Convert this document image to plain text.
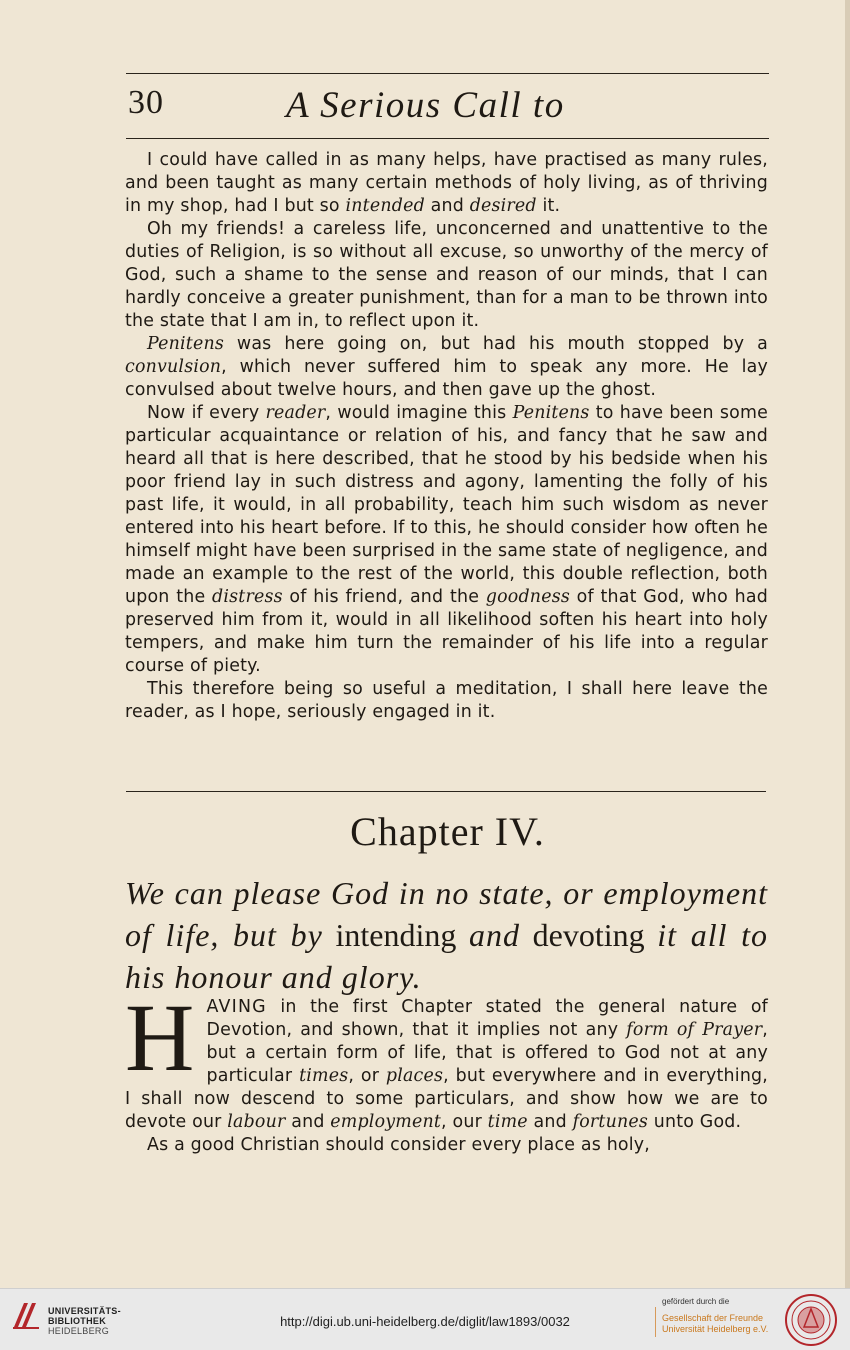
30	A Serious Call to

I could have called in as many helps, have practised as many rules, and been taught as many certain methods of holy living, as of thriving in my shop, had I but so intended and desired it.

Oh my friends! a careless life, unconcerned and unattentive to the duties of Religion, is so without all excuse, so unworthy of the mercy of God, such a shame to the sense and reason of our minds, that I can hardly conceive a greater punishment, than for a man to be thrown into the state that I am in, to reflect upon it.

Penitens was here going on, but had his mouth stopped by a convulsion, which never suffered him to speak any more. He lay convulsed about twelve hours, and then gave up the ghost.

Now if every reader, would imagine this Penitens to have been some particular acquaintance or relation of his, and fancy that he saw and heard all that is here described, that he stood by his bedside when his poor friend lay in such distress and agony, lamenting the folly of his past life, it would, in all probability, teach him such wisdom as never entered into his heart before. If to this, he should consider how often he himself might have been surprised in the same state of negligence, and made an example to the rest of the world, this double reflection, both upon the distress of his friend, and the goodness of that God, who had preserved him from it, would in all likelihood soften his heart into holy tempers, and make him turn the remainder of his life into a regular course of piety.

This therefore being so useful a meditation, I shall here leave the reader, as I hope, seriously engaged in it.

Chapter IV.
We can please God in no state, or employment of life, but by intending and devoting it all to his honour and glory.

HAVING in the first Chapter stated the general nature of Devotion, and shown, that it implies not any form of Prayer, but a certain form of life, that is offered to God not at any particular times, or places, but everywhere and in everything, I shall now descend to some particulars, and show how we are to devote our labour and employment, our time and fortunes unto God.

As a good Christian should consider every place as holy,

UNIVERSITÄTS-
BIBLIOTHEK
HEIDELBERG
http://digi.ub.uni-heidelberg.de/diglit/law1893/0032
gefördert durch die
Gesellschaft der Freunde
Universität Heidelberg e.V.
